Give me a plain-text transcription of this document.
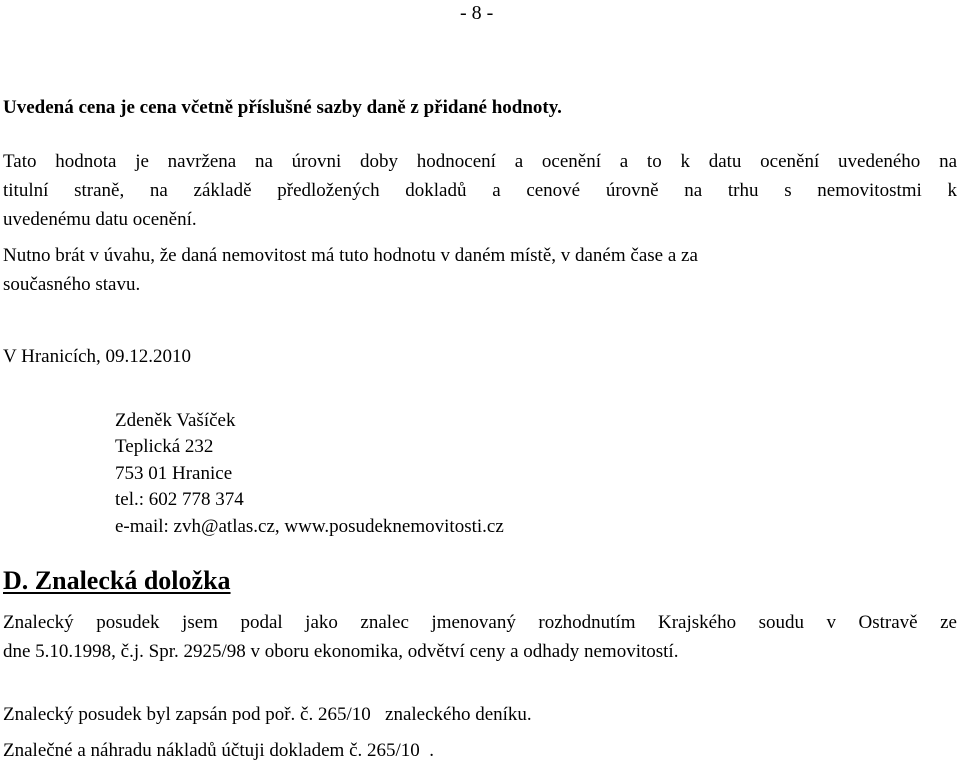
- 8 -
Uvedená cena je cena včetně příslušné sazby daně z přidané hodnoty.
Tato hodnota je navržena na úrovni doby hodnocení a ocenění a to k datu ocenění uvedeného na
titulní straně, na základě předložených dokladů a cenové úrovně na trhu s nemovitostmi k
uvedenému datu ocenění.
Nutno brát v úvahu, že daná nemovitost má tuto hodnotu v daném místě, v daném čase a za
současného stavu.
V Hranicích, 09.12.2010
Zdeněk Vašíček
Teplická 232
753 01 Hranice
tel.: 602 778 374
e-mail: zvh@atlas.cz, www.posudeknemovitosti.cz
D. Znalecká doložka
Znalecký posudek jsem podal jako znalec jmenovaný rozhodnutím Krajského soudu v Ostravě ze
dne 5.10.1998, č.j. Spr. 2925/98 v oboru ekonomika, odvětví ceny a odhady nemovitostí.
Znalecký posudek byl zapsán pod poř. č. 265/10   znaleckého deníku.
Znalečné a náhradu nákladů účtuji dokladem č. 265/10  .
